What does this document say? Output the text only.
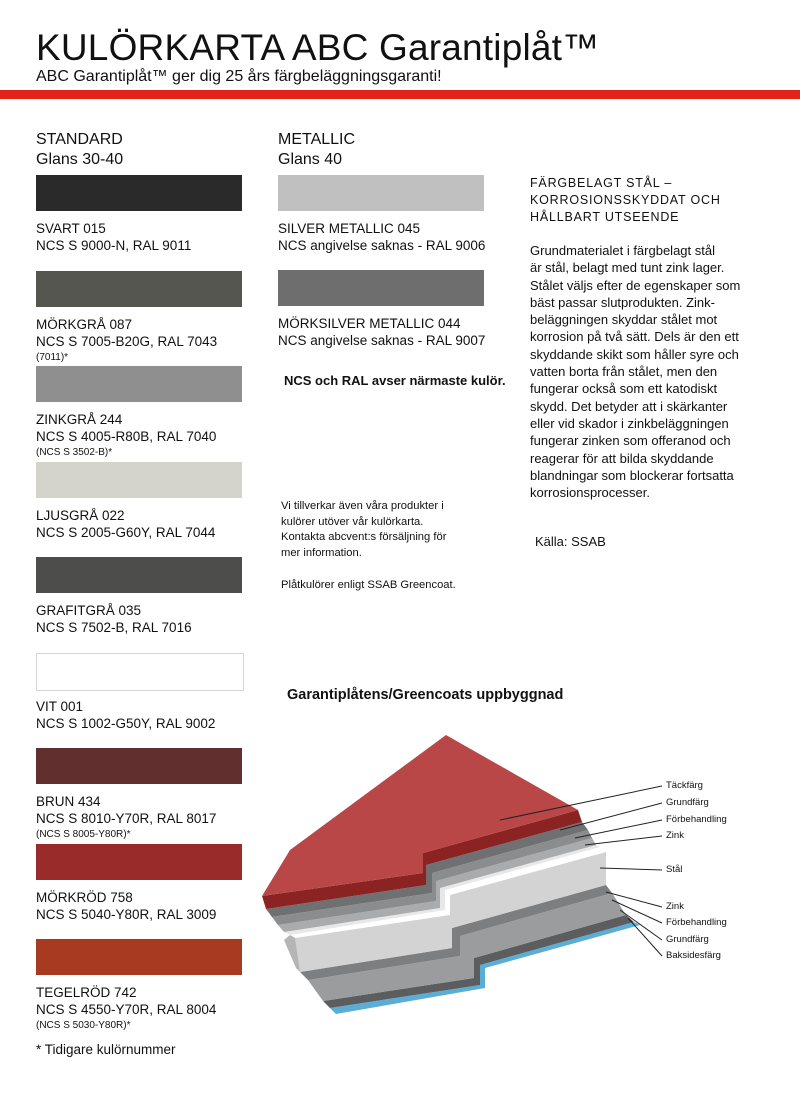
KULÖRKARTA ABC Garantiplåt™
ABC Garantiplåt™ ger dig 25 års färgbeläggningsgaranti!
STANDARD
Glans 30-40
SVART 015
NCS S 9000-N, RAL 9011
MÖRKGRÅ 087
NCS S 7005-B20G, RAL 7043
(7011)*
ZINKGRÅ 244
NCS S 4005-R80B, RAL 7040
(NCS S 3502-B)*
LJUSGRÅ 022
NCS S 2005-G60Y, RAL 7044
GRAFITGRÅ 035
NCS S 7502-B, RAL 7016
VIT 001
NCS S 1002-G50Y, RAL 9002
BRUN 434
NCS S 8010-Y70R, RAL 8017
(NCS S 8005-Y80R)*
MÖRKRÖD 758
NCS S 5040-Y80R, RAL 3009
TEGELRÖD 742
NCS S 4550-Y70R, RAL 8004
(NCS S 5030-Y80R)*
METALLIC
Glans 40
SILVER METALLIC 045
NCS angivelse saknas - RAL 9006
MÖRKSILVER METALLIC 044
NCS angivelse saknas - RAL 9007
NCS och RAL avser närmaste kulör.

Vi tillverkar även våra produkter i

kulörer utöver vår kulörkarta.

Kontakta abcvent:s försäljning för

mer information.

Plåtkulörer enligt SSAB Greencoat.
FÄRGBELAGT STÅL –
KORROSIONSSKYDDAT OCH
HÅLLBART UTSEENDE

Grundmaterialet i färgbelagt stål

är stål, belagt med tunt zink lager.

Stålet väljs efter de egenskaper som

bäst passar slutprodukten. Zink-

beläggningen skyddar stålet mot

korrosion på två sätt. Dels är den ett

skyddande skikt som håller syre och

vatten borta från stålet, men den

fungerar också som ett katodiskt

skydd. Det betyder att i skärkanter

eller vid skador i zinkbeläggningen

fungerar zinken som offeranod och

reagerar för att bilda skyddande

blandningar som blockerar fortsatta

korrosionsprocesser.

Källa: SSAB
Garantiplåtens/Greencoats uppbyggnad
Täckfärg
Grundfärg
Förbehandling
Zink
Stål
Zink
Förbehandling
Grundfärg
Baksidesfärg
* Tidigare kulörnummer
